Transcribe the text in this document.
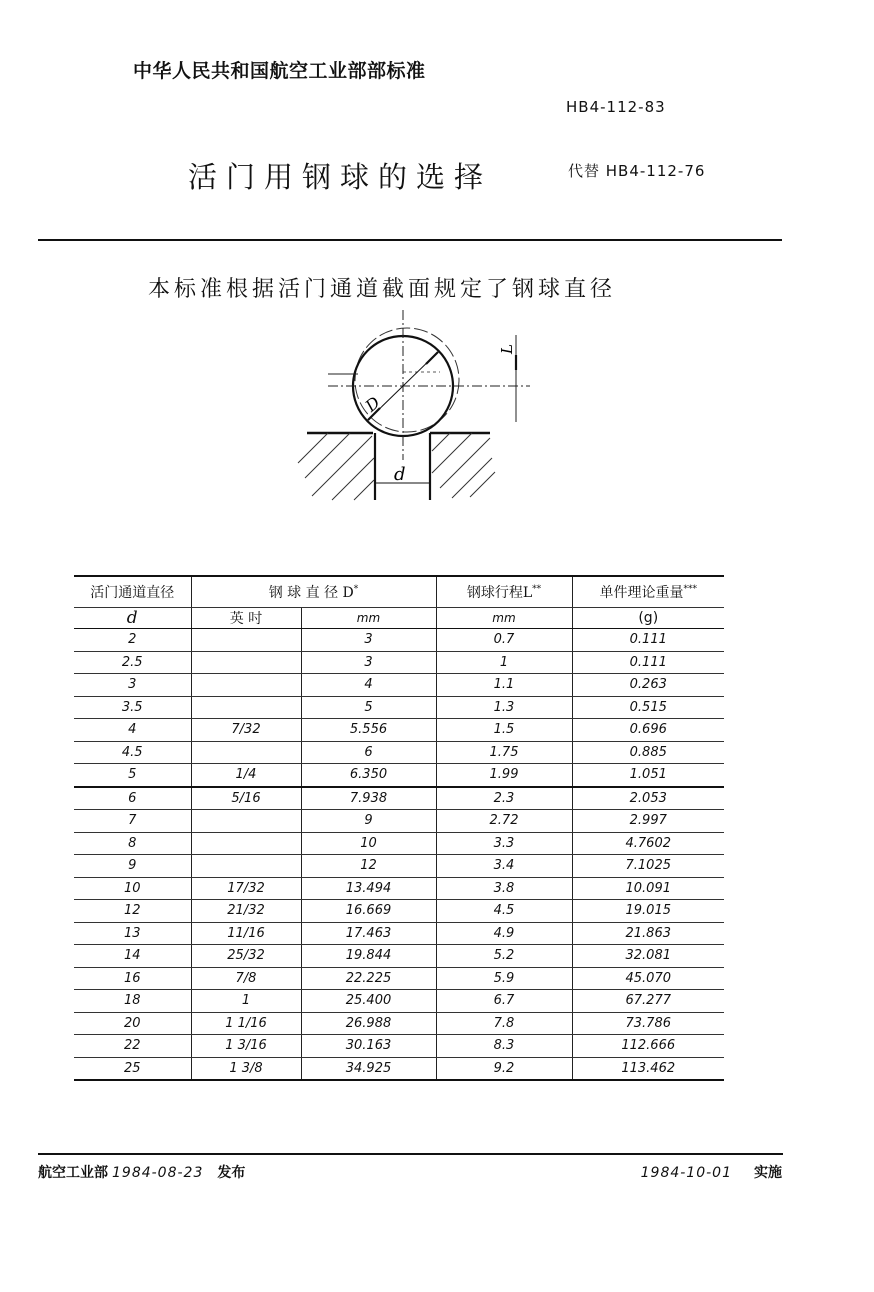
中华人民共和国航空工业部部标准
HB4-112-83
活门用钢球的选择	代替 HB4-112-76
本标准根据活门通道截面规定了钢球直径
D
L
d
活门通道直径	钢 球 直 径 D*		钢球行程L**	单件理论重量***
d	英 吋	mm	mm	(g)
2		3	0.7	0.111
2.5		3	1	0.111
3		4	1.1	0.263
3.5		5	1.3	0.515
4	7/32	5.556	1.5	0.696
4.5		6	1.75	0.885
5	1/4	6.350	1.99	1.051
6	5/16	7.938	2.3	2.053
7		9	2.72	2.997
8		10	3.3	4.7602
9		12	3.4	7.1025
10	17/32	13.494	3.8	10.091
12	21/32	16.669	4.5	19.015
13	11/16	17.463	4.9	21.863
14	25/32	19.844	5.2	32.081
16	7/8	22.225	5.9	45.070
18	1	25.400	6.7	67.277
20	1 1/16	26.988	7.8	73.786
22	1 3/16	30.163	8.3	112.666
25	1 3/8	34.925	9.2	113.462
航空工业部 1984-08-23 发布	1984-10-01 实施
